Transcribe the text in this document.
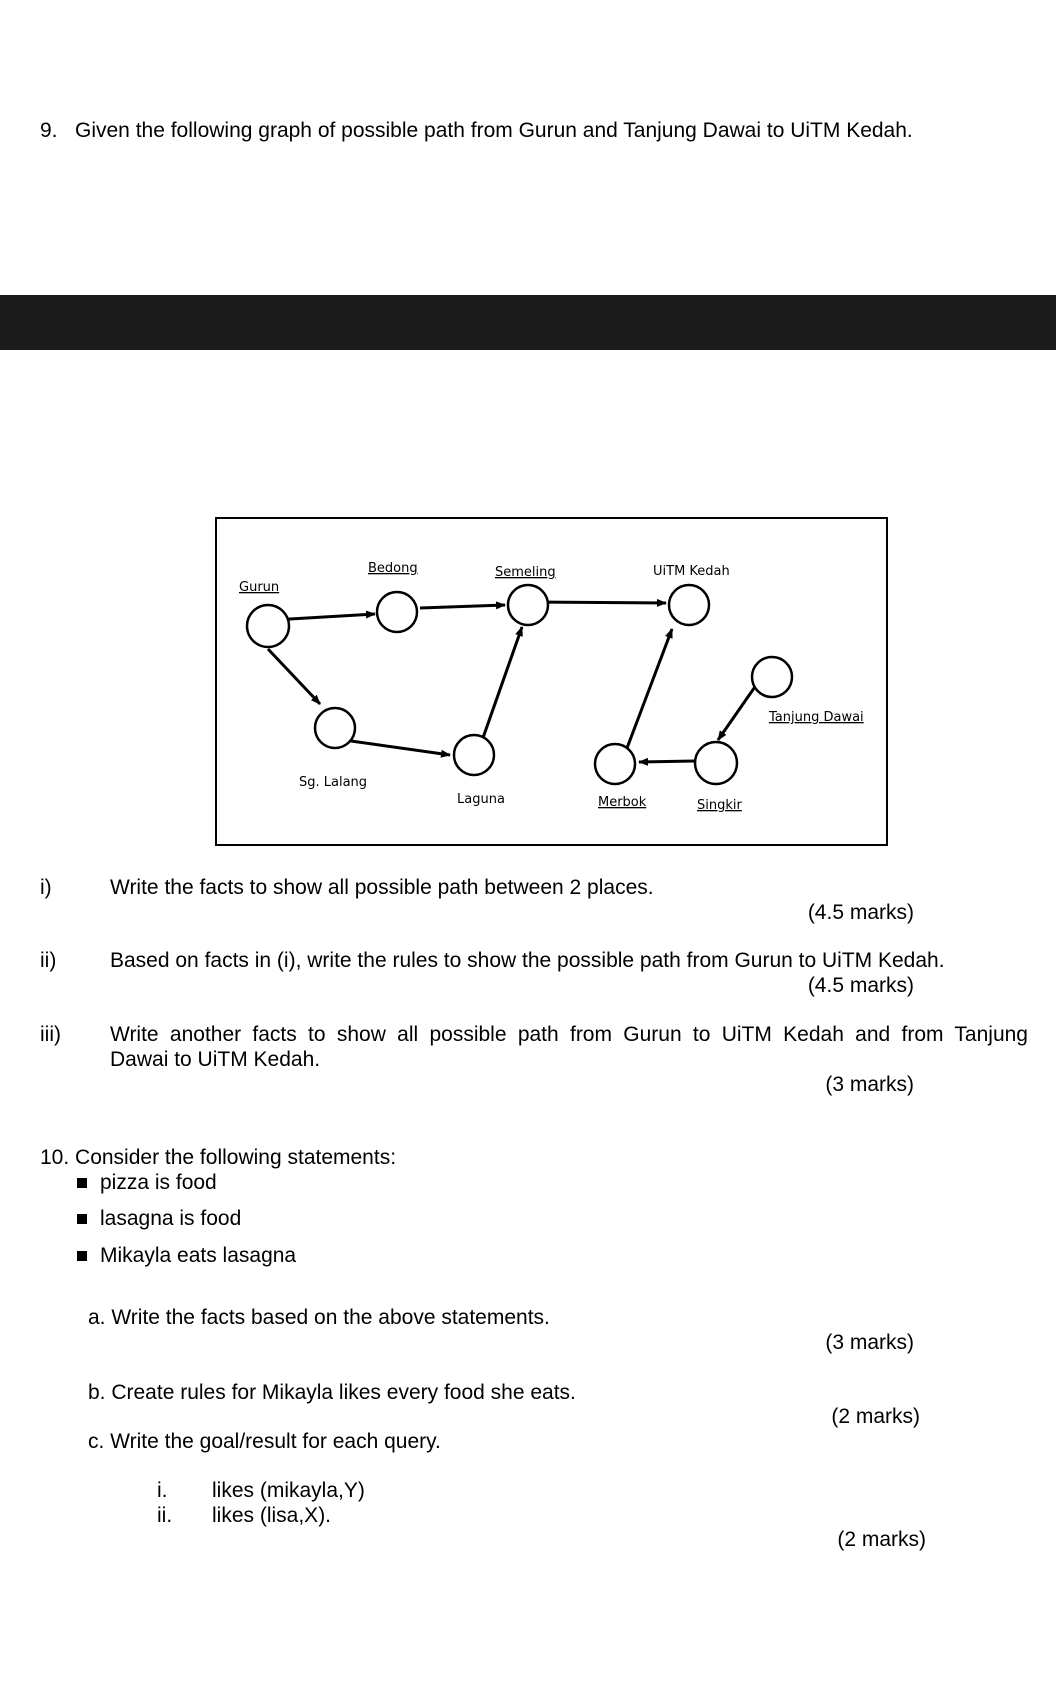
9. Given the following graph of possible path from Gurun and Tanjung Dawai to UiTM Kedah.
Gurun
Bedong	Semeling	UiTM Kedah
Tanjung Dawai
Sg. Lalang
Laguna	Merbok	Singkir
i)	Write the facts to show all possible path between 2 places.
(4.5 marks)
ii)	Based on facts in (i), write the rules to show the possible path from Gurun to UiTM Kedah.
(4.5 marks)
iii) Write another facts to show all possible path from Gurun to UiTM Kedah and from Tanjung
Dawai to UiTM Kedah.
(3 marks)
10. Consider the following statements:
pizza is food
lasagna is food
Mikayla eats lasagna
a. Write the facts based on the above statements.
(3 marks)
b. Create rules for Mikayla likes every food she eats.
(2 marks)
c. Write the goal/result for each query.
i. likes (mikayla,Y)
ii. likes (lisa,X).
(2 marks)
